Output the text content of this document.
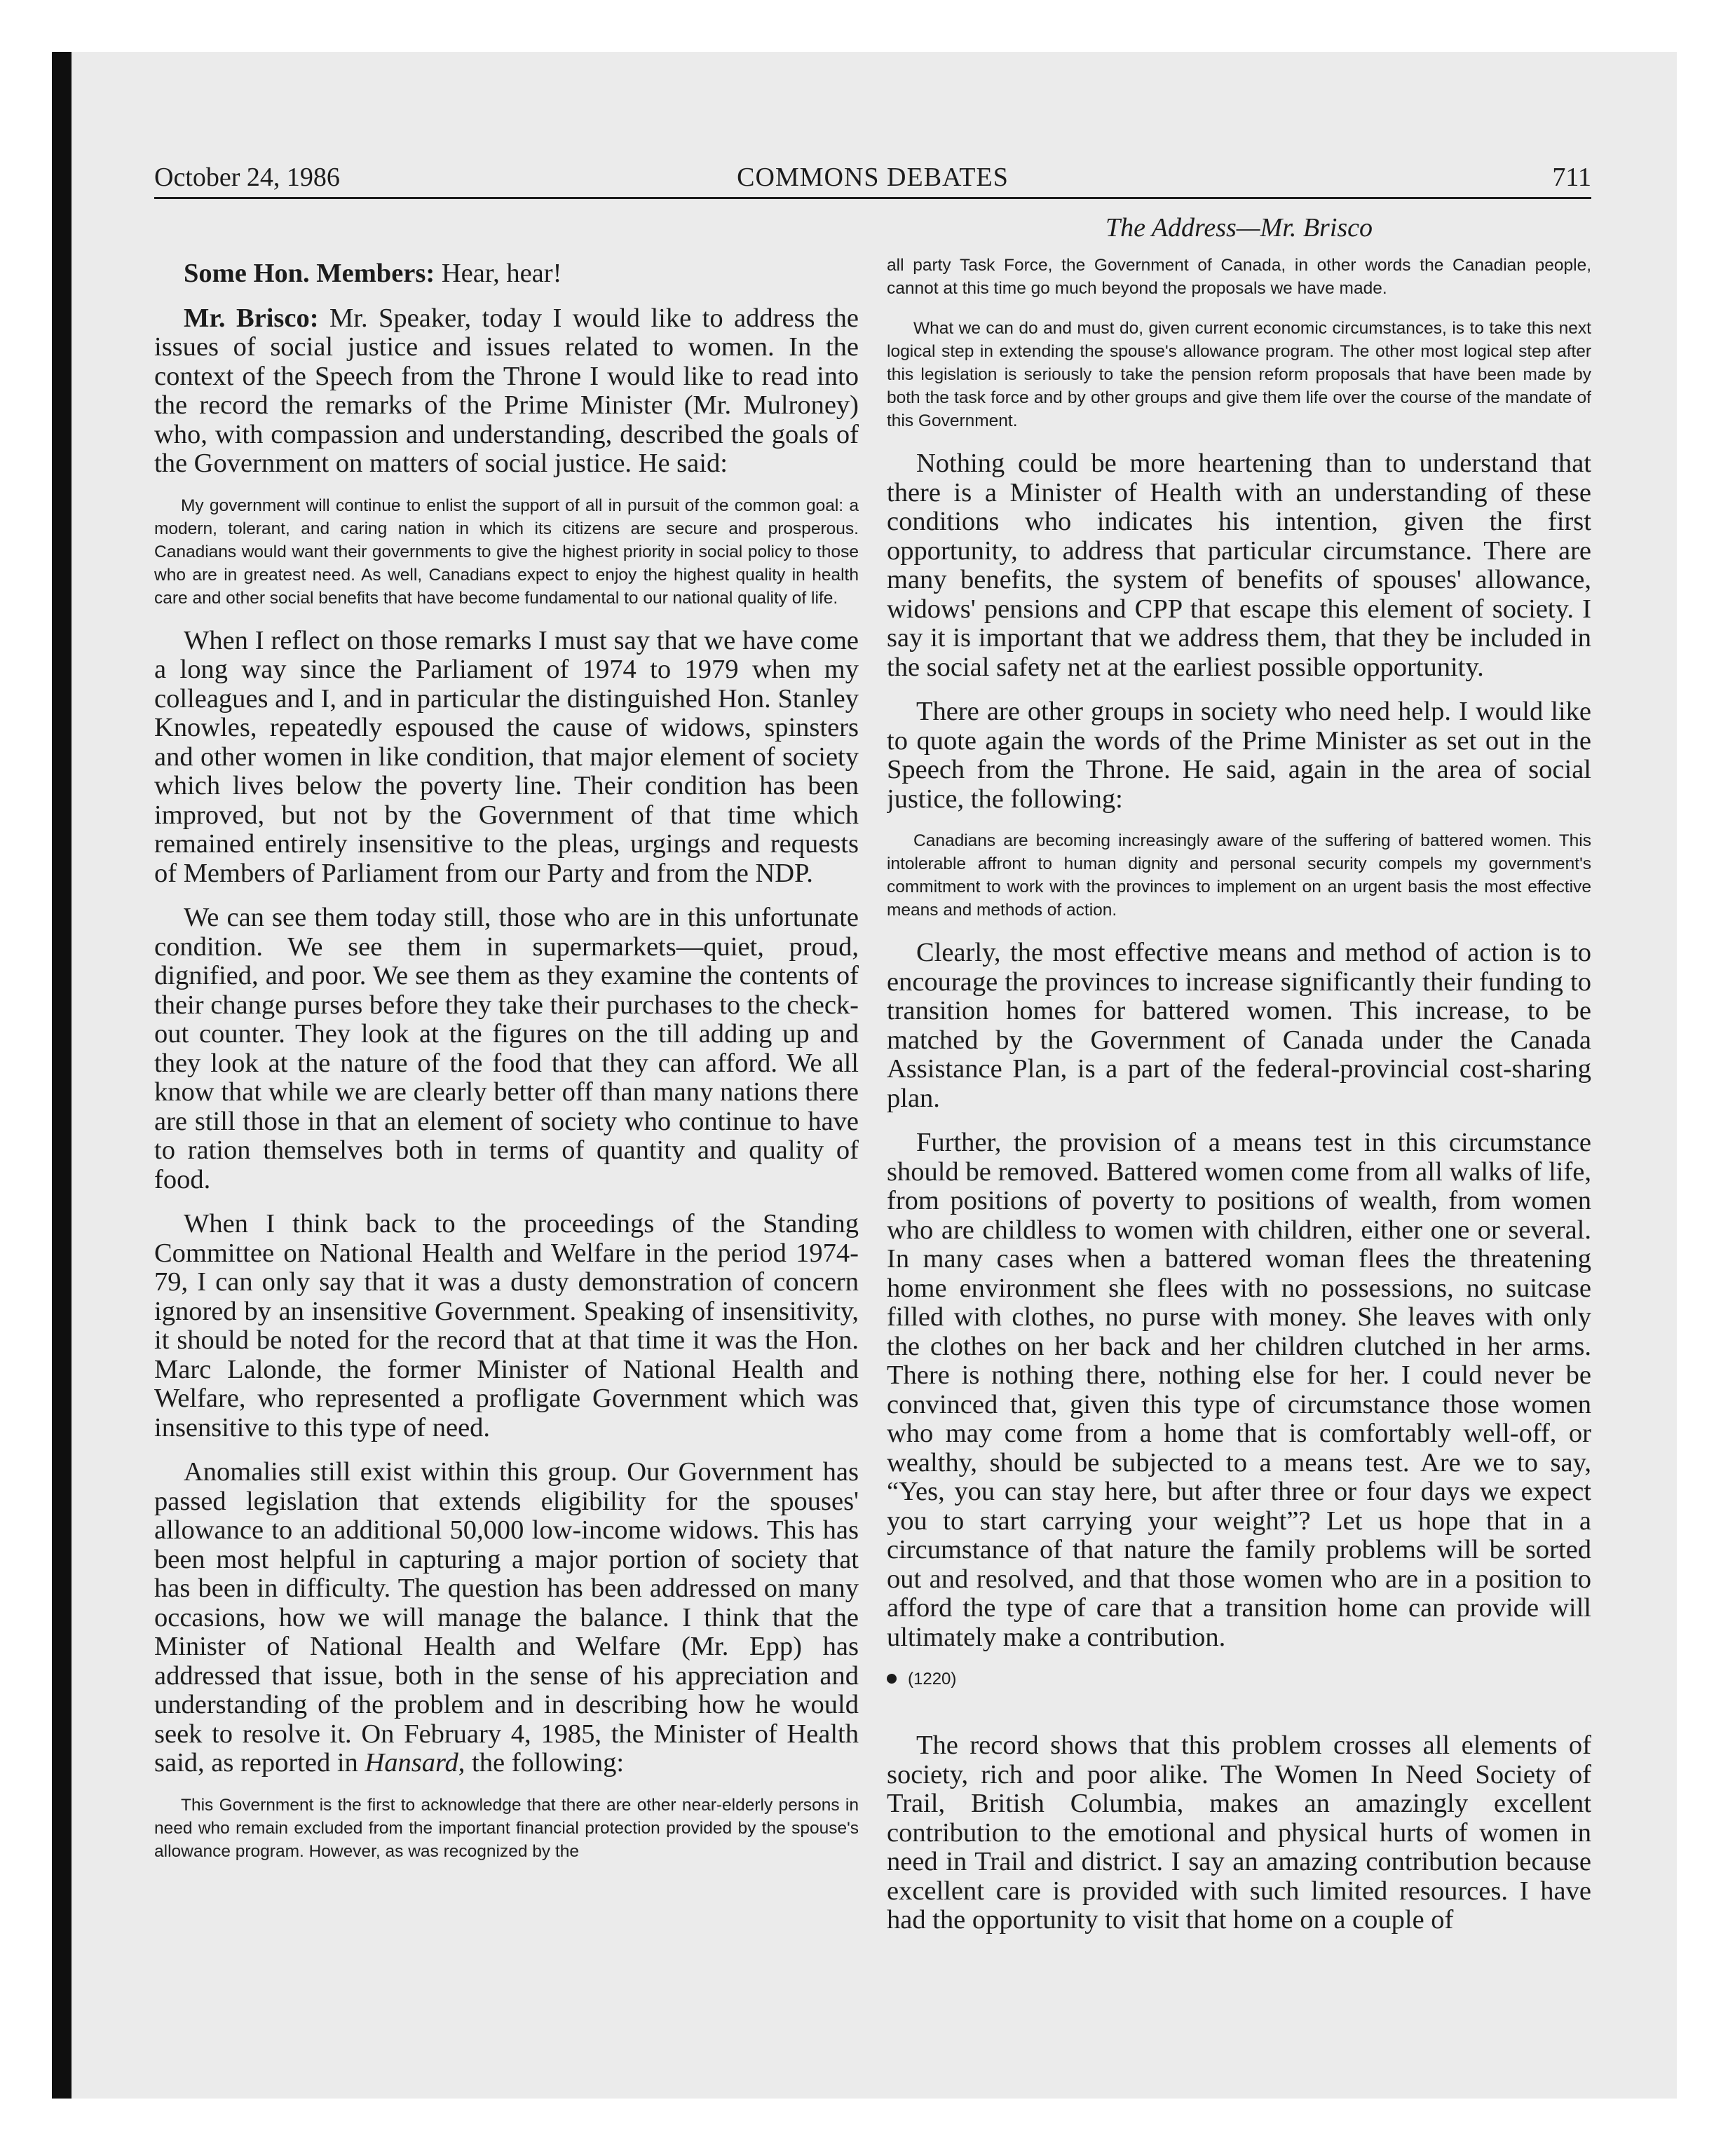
October 24, 1986	COMMONS DEBATES	711
The Address—Mr. Brisco

Some Hon. Members: Hear, hear!

Mr. Brisco: Mr. Speaker, today I would like to address the issues of social justice and issues related to women. In the context of the Speech from the Throne I would like to read into the record the remarks of the Prime Minister (Mr. Mulroney) who, with compassion and understanding, described the goals of the Government on matters of social justice. He said:

My government will continue to enlist the support of all in pursuit of the common goal: a modern, tolerant, and caring nation in which its citizens are secure and prosperous. Canadians would want their governments to give the highest priority in social policy to those who are in greatest need. As well, Canadians expect to enjoy the highest quality in health care and other social benefits that have become fundamental to our national quality of life.

When I reflect on those remarks I must say that we have come a long way since the Parliament of 1974 to 1979 when my colleagues and I, and in particular the distinguished Hon. Stanley Knowles, repeatedly espoused the cause of widows, spinsters and other women in like condition, that major element of society which lives below the poverty line. Their condition has been improved, but not by the Government of that time which remained entirely insensitive to the pleas, urgings and requests of Members of Parliament from our Party and from the NDP.

We can see them today still, those who are in this unfortunate condition. We see them in supermarkets—quiet, proud, dignified, and poor. We see them as they examine the contents of their change purses before they take their purchases to the check-out counter. They look at the figures on the till adding up and they look at the nature of the food that they can afford. We all know that while we are clearly better off than many nations there are still those in that an element of society who continue to have to ration themselves both in terms of quantity and quality of food.

When I think back to the proceedings of the Standing Committee on National Health and Welfare in the period 1974-79, I can only say that it was a dusty demonstration of concern ignored by an insensitive Government. Speaking of insensitivity, it should be noted for the record that at that time it was the Hon. Marc Lalonde, the former Minister of National Health and Welfare, who represented a profligate Government which was insensitive to this type of need.

Anomalies still exist within this group. Our Government has passed legislation that extends eligibility for the spouses' allowance to an additional 50,000 low-income widows. This has been most helpful in capturing a major portion of society that has been in difficulty. The question has been addressed on many occasions, how we will manage the balance. I think that the Minister of National Health and Welfare (Mr. Epp) has addressed that issue, both in the sense of his appreciation and understanding of the problem and in describing how he would seek to resolve it. On February 4, 1985, the Minister of Health said, as reported in Hansard, the following:

This Government is the first to acknowledge that there are other near-elderly persons in need who remain excluded from the important financial protection provided by the spouse's allowance program. However, as was recognized by the

all party Task Force, the Government of Canada, in other words the Canadian people, cannot at this time go much beyond the proposals we have made.

What we can do and must do, given current economic circumstances, is to take this next logical step in extending the spouse's allowance program. The other most logical step after this legislation is seriously to take the pension reform proposals that have been made by both the task force and by other groups and give them life over the course of the mandate of this Government.

Nothing could be more heartening than to understand that there is a Minister of Health with an understanding of these conditions who indicates his intention, given the first opportunity, to address that particular circumstance. There are many benefits, the system of benefits of spouses' allowance, widows' pensions and CPP that escape this element of society. I say it is important that we address them, that they be included in the social safety net at the earliest possible opportunity.

There are other groups in society who need help. I would like to quote again the words of the Prime Minister as set out in the Speech from the Throne. He said, again in the area of social justice, the following:

Canadians are becoming increasingly aware of the suffering of battered women. This intolerable affront to human dignity and personal security compels my government's commitment to work with the provinces to implement on an urgent basis the most effective means and methods of action.

Clearly, the most effective means and method of action is to encourage the provinces to increase significantly their funding to transition homes for battered women. This increase, to be matched by the Government of Canada under the Canada Assistance Plan, is a part of the federal-provincial cost-sharing plan.

Further, the provision of a means test in this circumstance should be removed. Battered women come from all walks of life, from positions of poverty to positions of wealth, from women who are childless to women with children, either one or several. In many cases when a battered woman flees the threatening home environment she flees with no possessions, no suitcase filled with clothes, no purse with money. She leaves with only the clothes on her back and her children clutched in her arms. There is nothing there, nothing else for her. I could never be convinced that, given this type of circumstance those women who may come from a home that is comfortably well-off, or wealthy, should be subjected to a means test. Are we to say, “Yes, you can stay here, but after three or four days we expect you to start carrying your weight”? Let us hope that in a circumstance of that nature the family problems will be sorted out and resolved, and that those women who are in a position to afford the type of care that a transition home can provide will ultimately make a contribution.

(1220)

The record shows that this problem crosses all elements of society, rich and poor alike. The Women In Need Society of Trail, British Columbia, makes an amazingly excellent contribution to the emotional and physical hurts of women in need in Trail and district. I say an amazing contribution because excellent care is provided with such limited resources. I have had the opportunity to visit that home on a couple of
